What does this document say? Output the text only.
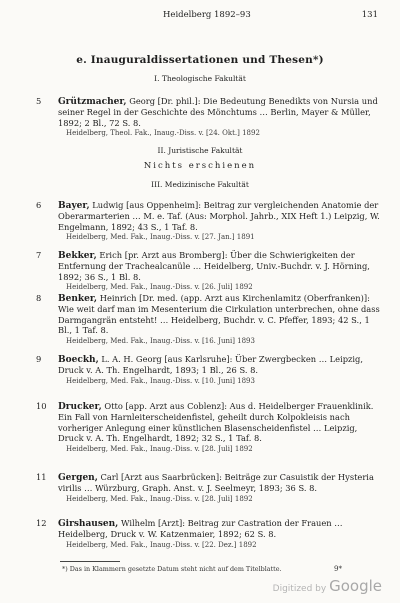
Heidelberg 1892–93	131
e. Inauguraldissertationen und Thesen*)
I. Theologische Fakultät
5 Grützmacher, Georg [Dr. phil.]: Die Bedeutung Benedikts von Nursia und seiner Regel in der Geschichte des Mönchtums … Berlin, Mayer & Müller, 1892; 2 Bl., 72 S. 8.
Heidelberg, Theol. Fak., Inaug.-Diss. v. [24. Okt.] 1892
II. Juristische Fakultät
Nichts erschienen
III. Medizinische Fakultät
6 Bayer, Ludwig [aus Oppenheim]: Beitrag zur vergleichenden Anatomie der Oberarmarterien … M. e. Taf. (Aus: Morphol. Jahrb., XIX Heft 1.) Leipzig, W. Engelmann, 1892; 43 S., 1 Taf. 8.
Heidelberg, Med. Fak., Inaug.-Diss. v. [27. Jan.] 1891
7 Bekker, Erich [pr. Arzt aus Bromberg]: Über die Schwierigkeiten der Entfernung der Trachealcanüle … Heidelberg, Univ.-Buchdr. v. J. Hörning, 1892; 36 S., 1 Bl. 8.
Heidelberg, Med. Fak., Inaug.-Diss. v. [26. Juli] 1892
8 Benker, Heinrich [Dr. med. (app. Arzt aus Kirchenlamitz (Oberfranken)]: Wie weit darf man im Mesenterium die Cirkulation unterbrechen, ohne dass Darmgangrän entsteht! … Heidelberg, Buchdr. v. C. Pfeffer, 1893; 42 S., 1 Bl., 1 Taf. 8.
Heidelberg, Med. Fak., Inaug.-Diss. v. [16. Juni] 1893
9 Boeckh, L. A. H. Georg [aus Karlsruhe]: Über Zwergbecken … Leipzig, Druck v. A. Th. Engelhardt, 1893; 1 Bl., 26 S. 8.
Heidelberg, Med. Fak., Inaug.-Diss. v. [10. Juni] 1893
10 Drucker, Otto [app. Arzt aus Coblenz]: Aus d. Heidelberger Frauenklinik. Ein Fall von Harnleiterscheidenfistel, geheilt durch Kolpokleisis nach vorheriger Anlegung einer künstlichen Blasenscheidenfistel … Leipzig, Druck v. A. Th. Engelhardt, 1892; 32 S., 1 Taf. 8.
Heidelberg, Med. Fak., Inaug.-Diss. v. [28. Juli] 1892
11 Gergen, Carl [Arzt aus Saarbrücken]: Beiträge zur Casuistik der Hysteria virilis … Würzburg, Graph. Anst. v. J. Seelmeyr, 1893; 36 S. 8.
Heidelberg, Med. Fak., Inaug.-Diss. v. [28. Juli] 1892
12 Girshausen, Wilhelm [Arzt]: Beitrag zur Castration der Frauen … Heidelberg, Druck v. W. Katzenmaier, 1892; 62 S. 8.
Heidelberg, Med. Fak., Inaug.-Diss. v. [22. Dez.] 1892
*) Das in Klammern gesetzte Datum steht nicht auf dem Titelblatte.	9*
Digitized by Google
